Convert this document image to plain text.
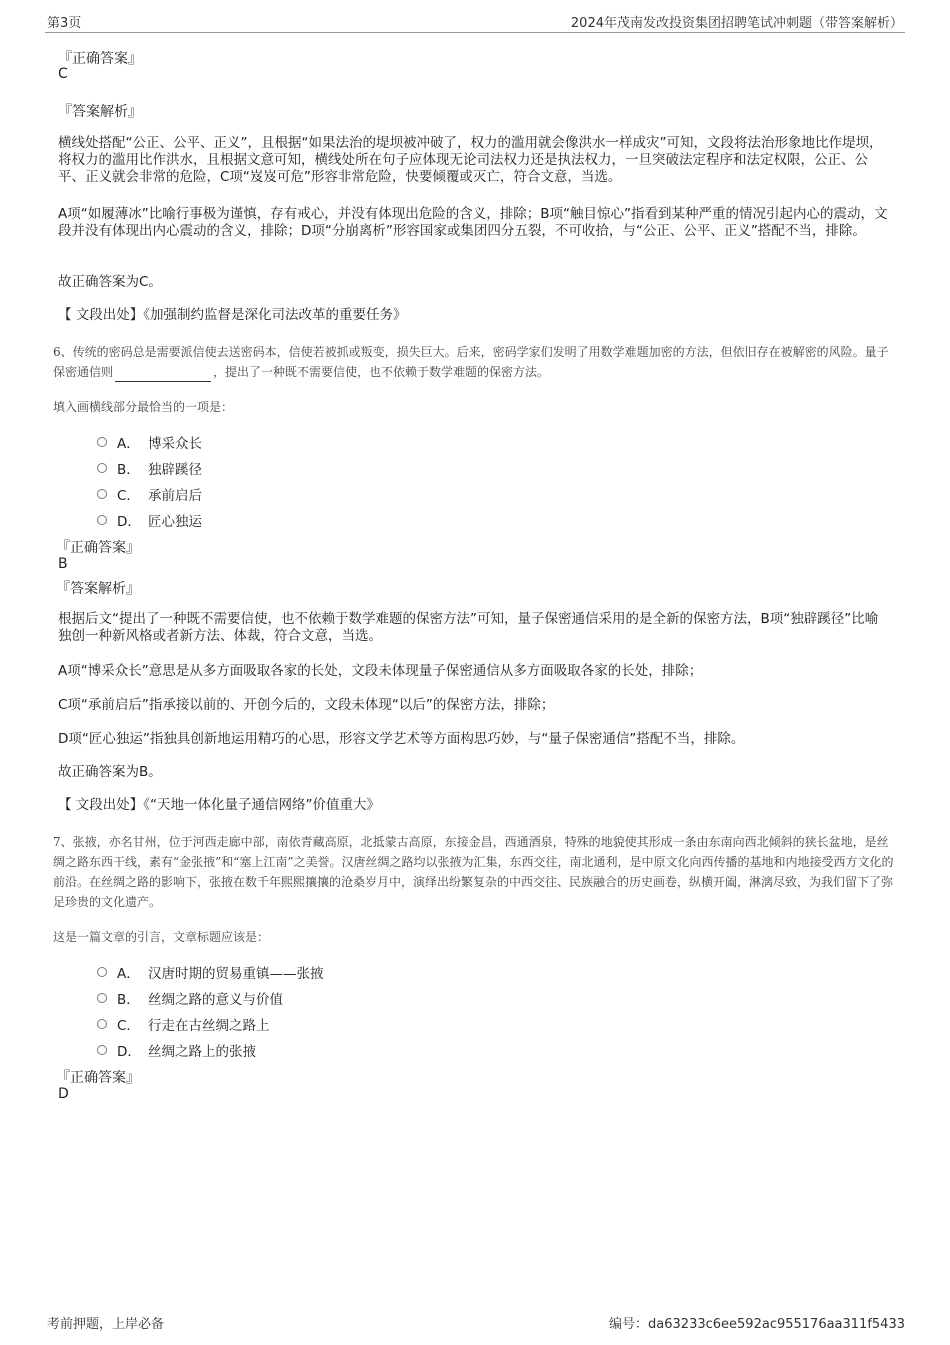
第3页	2024年茂南发改投资集团招聘笔试冲刺题（带答案解析）
『正确答案』
C
『答案解析』
横线处搭配“公正、公平、正义”，且根据“如果法治的堤坝被冲破了，权力的滥用就会像洪水一样成灾”可知，文段将法治形象地比作堤坝，将权力的滥用比作洪水，且根据文意可知，横线处所在句子应体现无论司法权力还是执法权力，一旦突破法定程序和法定权限，公正、公平、正义就会非常的危险，C项“岌岌可危”形容非常危险，快要倾覆或灭亡，符合文意，当选。
A项“如履薄冰”比喻行事极为谨慎，存有戒心，并没有体现出危险的含义，排除；B项“触目惊心”指看到某种严重的情况引起内心的震动，文段并没有体现出内心震动的含义，排除；D项“分崩离析”形容国家或集团四分五裂，不可收拾，与“公正、公平、正义”搭配不当，排除。
故正确答案为C。
【 文段出处】《加强制约监督是深化司法改革的重要任务》
6、传统的密码总是需要派信使去送密码本，信使若被抓或叛变，损失巨大。后来，密码学家们发明了用数学难题加密的方法，但依旧存在被解密的风险。量子保密通信则	，提出了一种既不需要信使，也不依赖于数学难题的保密方法。
填入画横线部分最恰当的一项是：
A． 博采众长
B． 独辟蹊径
C． 承前启后
D． 匠心独运
『正确答案』
B
『答案解析』
根据后文“提出了一种既不需要信使，也不依赖于数学难题的保密方法”可知，量子保密通信采用的是全新的保密方法，B项“独辟蹊径”比喻独创一种新风格或者新方法、体裁，符合文意，当选。
A项“博采众长”意思是从多方面吸取各家的长处，文段未体现量子保密通信从多方面吸取各家的长处，排除；
C项“承前启后”指承接以前的、开创今后的，文段未体现“以后”的保密方法，排除；
D项“匠心独运”指独具创新地运用精巧的心思，形容文学艺术等方面构思巧妙，与“量子保密通信”搭配不当，排除。
故正确答案为B。
【 文段出处】《“天地一体化量子通信网络”价值重大》
7、张掖，亦名甘州，位于河西走廊中部，南依青藏高原，北抵蒙古高原，东接金昌，西通酒泉，特殊的地貌使其形成一条由东南向西北倾斜的狭长盆地，是丝绸之路东西干线，素有“金张掖”和“塞上江南”之美誉。汉唐丝绸之路均以张掖为汇集，东西交往，南北通利，是中原文化向西传播的基地和内地接受西方文化的前沿。在丝绸之路的影响下，张掖在数千年熙熙攘攘的沧桑岁月中，演绎出纷繁复杂的中西交往、民族融合的历史画卷，纵横开阖，淋漓尽致，为我们留下了弥足珍贵的文化遗产。
这是一篇文章的引言，文章标题应该是：
A． 汉唐时期的贸易重镇——张掖
B． 丝绸之路的意义与价值
C． 行走在古丝绸之路上
D． 丝绸之路上的张掖
『正确答案』
D
考前押题，上岸必备	编号：da63233c6ee592ac955176aa311f5433
